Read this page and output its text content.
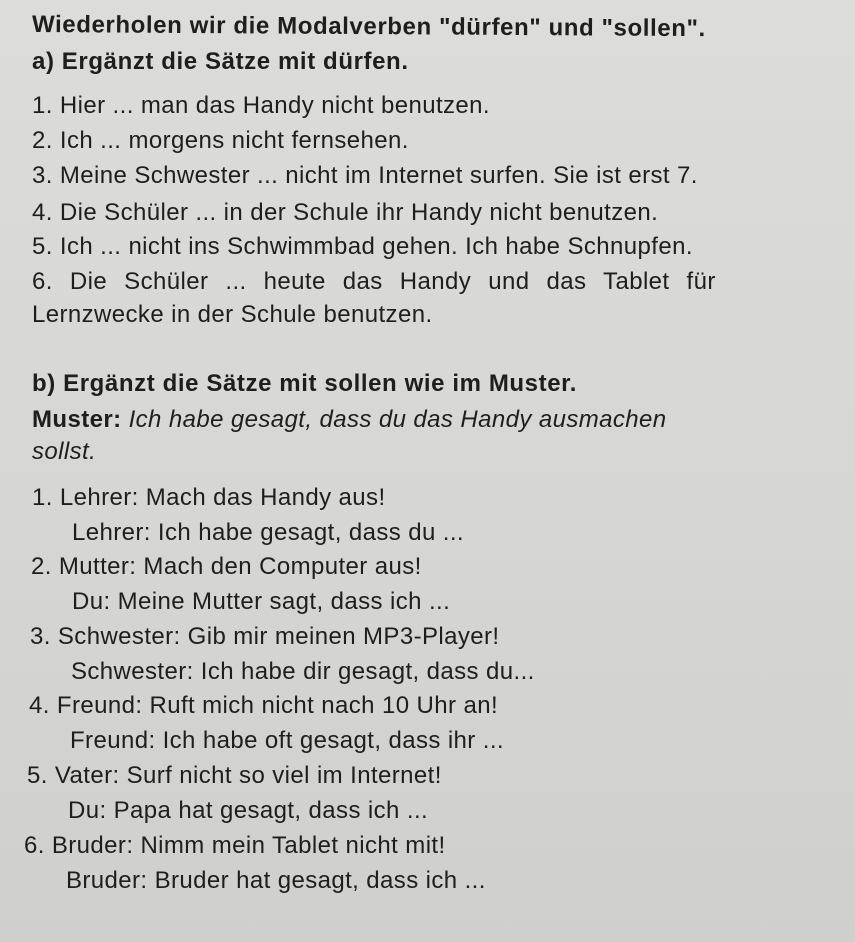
Wiederholen wir die Modalverben "dürfen" und "sollen".
a) Ergänzt die Sätze mit dürfen.
1. Hier ... man das Handy nicht benutzen.
2. Ich ... morgens nicht fernsehen.
3. Meine Schwester ... nicht im Internet surfen. Sie ist erst 7.
4. Die Schüler ... in der Schule ihr Handy nicht benutzen.
5. Ich ... nicht ins Schwimmbad gehen. Ich habe Schnupfen.
6. Die Schüler ... heute das Handy und das Tablet für
Lernzwecke in der Schule benutzen.
b) Ergänzt die Sätze mit sollen wie im Muster.
Muster: Ich habe gesagt, dass du das Handy ausmachen
sollst.
1. Lehrer: Mach das Handy aus!
Lehrer: Ich habe gesagt, dass du ...
2. Mutter: Mach den Computer aus!
Du: Meine Mutter sagt, dass ich ...
3. Schwester: Gib mir meinen MP3-Player!
Schwester: Ich habe dir gesagt, dass du...
4. Freund: Ruft mich nicht nach 10 Uhr an!
Freund: Ich habe oft gesagt, dass ihr ...
5. Vater: Surf nicht so viel im Internet!
Du: Papa hat gesagt, dass ich ...
6. Bruder: Nimm mein Tablet nicht mit!
Bruder: Bruder hat gesagt, dass ich ...
